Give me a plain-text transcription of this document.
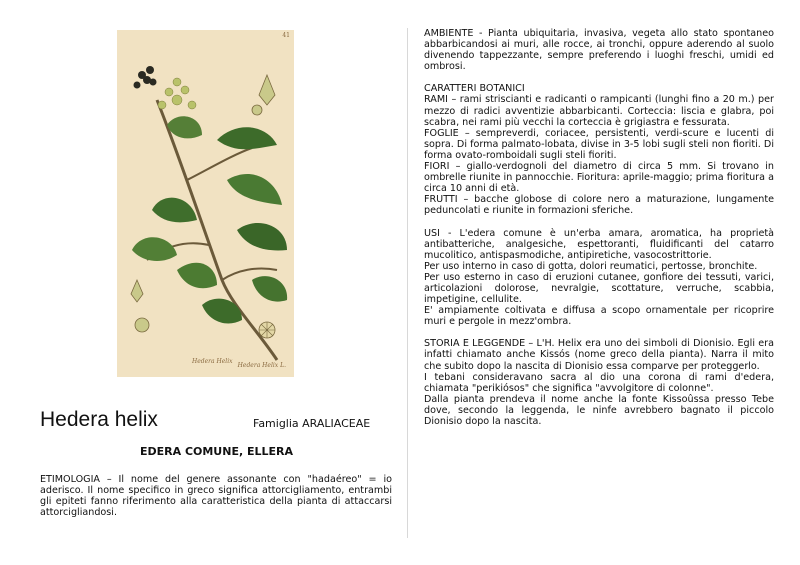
41
Hedera Helix
Hedera Helix L.
Hedera helix	Famiglia ARALIACEAE
EDERA COMUNE, ELLERA
ETIMOLOGIA – Il nome del genere assonante con "hadaéreo" = io aderisco. Il nome specifico in greco significa attorcigliamento, entrambi gli epiteti fanno riferimento alla caratteristica della pianta di attaccarsi attorcigliandosi.

AMBIENTE - Pianta ubiquitaria, invasiva, vegeta allo stato spontaneo abbarbicandosi ai muri, alle rocce, ai tronchi, oppure aderendo al suolo divenendo tappezzante, sempre preferendo i luoghi freschi, umidi ed ombrosi.

CARATTERI BOTANICI

RAMI – rami striscianti e radicanti o rampicanti (lunghi fino a 20 m.) per mezzo di radici avventizie abbarbicanti. Corteccia: liscia e glabra, poi scabra, nei rami più vecchi la corteccia è grigiastra e fessurata.

FOGLIE – sempreverdi, coriacee, persistenti, verdi-scure e lucenti di sopra. Di forma palmato-lobata, divise in 3-5 lobi sugli steli non fioriti. Di forma ovato-romboidali sugli steli fioriti.

FIORI – giallo-verdognoli del diametro di circa 5 mm. Si trovano in ombrelle riunite in pannocchie. Fioritura: aprile-maggio; prima fioritura a circa 10 anni di età.

FRUTTI – bacche globose di colore nero a maturazione, lungamente peduncolati e riunite in formazioni sferiche.

USI - L'edera comune è un'erba amara, aromatica, ha proprietà antibatteriche, analgesiche, espettoranti, fluidificanti del catarro mucolitico, antispasmodiche, antipiretiche, vasocostrittorie.

Per uso interno in caso di gotta, dolori reumatici, pertosse, bronchite.

Per uso esterno in caso di eruzioni cutanee, gonfiore dei tessuti, varici, articolazioni dolorose, nevralgie, scottature, verruche, scabbia, impetigine, cellulite.

E' ampiamente coltivata e diffusa a scopo ornamentale per ricoprire muri e pergole in mezz'ombra.

STORIA E LEGGENDE – L'H. Helix era uno dei simboli di Dionisio. Egli era infatti chiamato anche Kissós (nome greco della pianta). Narra il mito che subito dopo la nascita di Dionisio essa comparve per proteggerlo.

I tebani consideravano sacra al dio una corona di rami d'edera, chiamata "perikiósos" che significa "avvolgitore di colonne".

Dalla pianta prendeva il nome anche la fonte Kissoûssa presso Tebe dove, secondo la leggenda, le ninfe avrebbero bagnato il piccolo Dionisio dopo la nascita.
